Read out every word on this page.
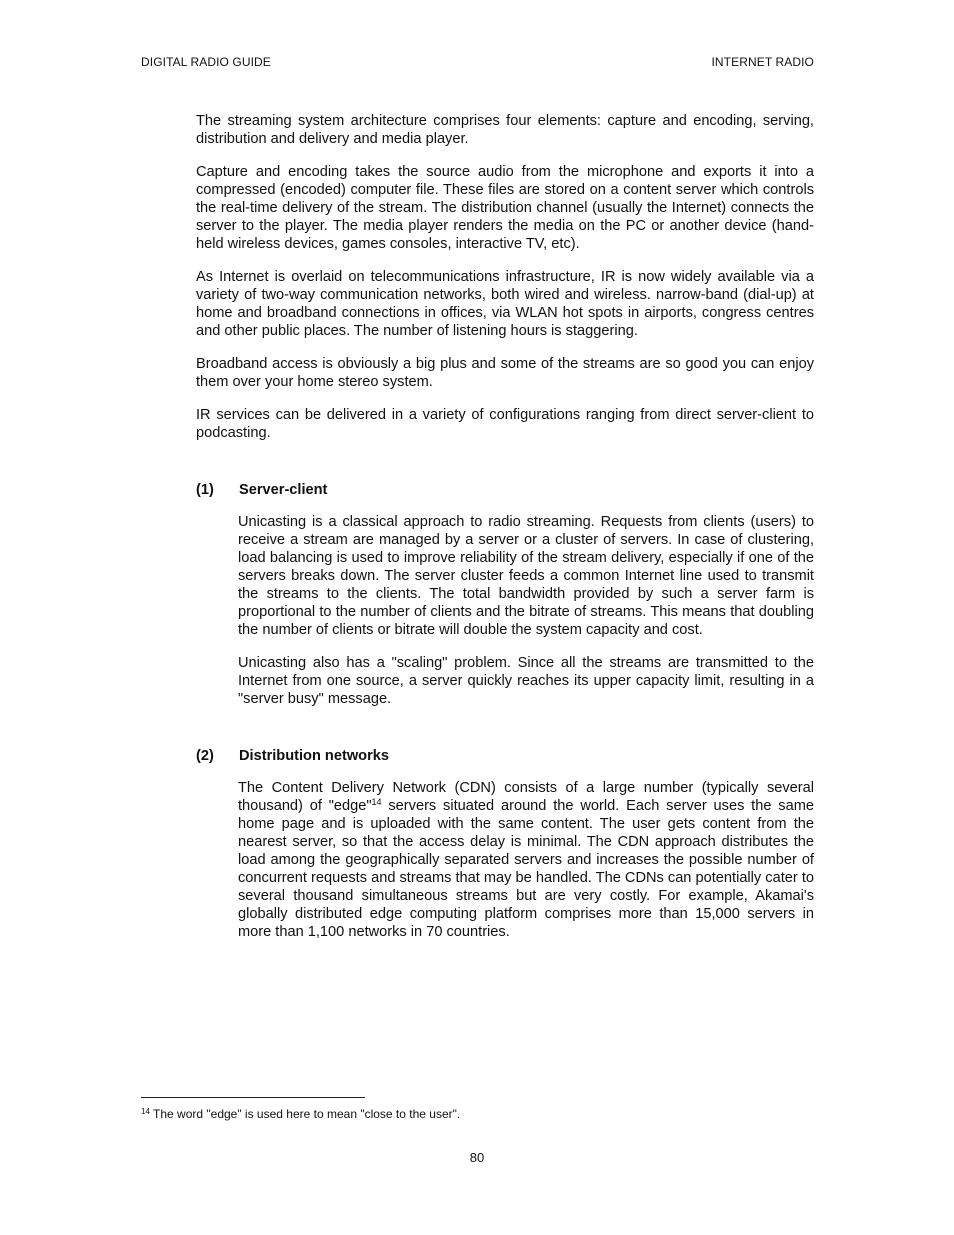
DIGITAL RADIO GUIDE	INTERNET RADIO

The streaming system architecture comprises four elements: capture and encoding, serving, distribution and delivery and media player.

Capture and encoding takes the source audio from the microphone and exports it into a compressed (encoded) computer file. These files are stored on a content server which controls the real-time delivery of the stream. The distribution channel (usually the Internet) connects the server to the player. The media player renders the media on the PC or another device (hand-held wireless devices, games consoles, interactive TV, etc).

As Internet is overlaid on telecommunications infrastructure, IR is now widely available via a variety of two-way communication networks, both wired and wireless. narrow-band (dial-up) at home and broadband connections in offices, via WLAN hot spots in airports, congress centres and other public places. The number of listening hours is staggering.

Broadband access is obviously a big plus and some of the streams are so good you can enjoy them over your home stereo system.

IR services can be delivered in a variety of configurations ranging from direct server-client to podcasting.

(1)	Server-client

Unicasting is a classical approach to radio streaming. Requests from clients (users) to receive a stream are managed by a server or a cluster of servers. In case of clustering, load balancing is used to improve reliability of the stream delivery, especially if one of the servers breaks down. The server cluster feeds a common Internet line used to transmit the streams to the clients. The total bandwidth provided by such a server farm is proportional to the number of clients and the bitrate of streams. This means that doubling the number of clients or bitrate will double the system capacity and cost.

Unicasting also has a "scaling" problem. Since all the streams are transmitted to the Internet from one source, a server quickly reaches its upper capacity limit, resulting in a "server busy" message.

(2)	Distribution networks

The Content Delivery Network (CDN) consists of a large number (typically several thousand) of "edge"$^{14}$ servers situated around the world. Each server uses the same home page and is uploaded with the same content. The user gets content from the nearest server, so that the access delay is minimal. The CDN approach distributes the load among the geographically separated servers and increases the possible number of concurrent requests and streams that may be handled. The CDNs can potentially cater to several thousand simultaneous streams but are very costly. For example, Akamai's globally distributed edge computing platform comprises more than 15,000 servers in more than 1,100 networks in 70 countries.

$^{14}$ The word "edge" is used here to mean "close to the user".
80
